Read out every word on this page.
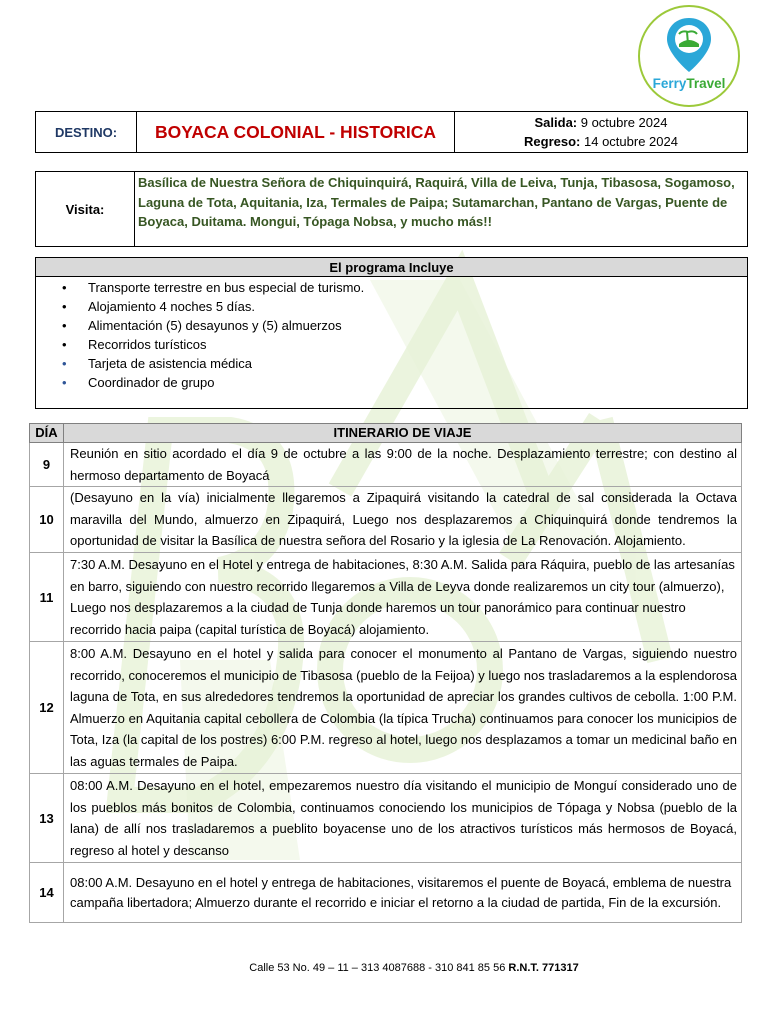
FerryTravel
DESTINO:	BOYACA COLONIAL - HISTORICA	Salida: 9 octubre 2024
Regreso: 14 octubre 2024
Visita:
Basílica de Nuestra Señora de Chiquinquirá, Raquirá, Villa de Leiva, Tunja, Tibasosa, Sogamoso, Laguna de Tota, Aquitania, Iza, Termales de Paipa; Sutamarchan, Pantano de Vargas, Puente de Boyaca, Duitama. Mongui, Tópaga Nobsa, y mucho más!!
El programa Incluye
• Transporte terrestre en bus especial de turismo.
• Alojamiento 4 noches 5 días.
• Alimentación (5) desayunos y (5) almuerzos
• Recorridos turísticos
• Tarjeta de asistencia médica
• Coordinador de grupo
DÍA	ITINERARIO DE VIAJE
9	Reunión en sitio acordado el día 9 de octubre a las 9:00 de la noche. Desplazamiento terrestre; con destino al hermoso departamento de Boyacá
10	(Desayuno en la vía) inicialmente llegaremos a Zipaquirá visitando la catedral de sal considerada la Octava maravilla del Mundo, almuerzo en Zipaquirá, Luego nos desplazaremos a Chiquinquirá donde tendremos la oportunidad de visitar la Basílica de nuestra señora del Rosario y la iglesia de La Renovación. Alojamiento.
11	7:30 A.M. Desayuno en el Hotel y entrega de habitaciones, 8:30 A.M. Salida para Ráquira, pueblo de las artesanías en barro, siguiendo con nuestro recorrido llegaremos a Villa de Leyva donde realizaremos un city tour (almuerzo), Luego nos desplazaremos a la ciudad de Tunja donde haremos un tour panorámico para continuar nuestro recorrido hacia paipa (capital turística de Boyacá) alojamiento.
12	8:00 A.M. Desayuno en el hotel y salida para conocer el monumento al Pantano de Vargas, siguiendo nuestro recorrido, conoceremos el municipio de Tibasosa (pueblo de la Feijoa) y luego nos trasladaremos a la esplendorosa laguna de Tota, en sus alrededores tendremos la oportunidad de apreciar los grandes cultivos de cebolla. 1:00 P.M. Almuerzo en Aquitania capital cebollera de Colombia (la típica Trucha) continuamos para conocer los municipios de Tota, Iza (la capital de los postres) 6:00 P.M. regreso al hotel, luego nos desplazamos a tomar un medicinal baño en las aguas termales de Paipa.
13	08:00 A.M. Desayuno en el hotel, empezaremos nuestro día visitando el municipio de Monguí considerado uno de los pueblos más bonitos de Colombia, continuamos conociendo los municipios de Tópaga y Nobsa (pueblo de la lana) de allí nos trasladaremos a pueblito boyacense uno de los atractivos turísticos más hermosos de Boyacá, regreso al hotel y descanso
14	08:00 A.M. Desayuno en el hotel y entrega de habitaciones, visitaremos el puente de Boyacá, emblema de nuestra campaña libertadora; Almuerzo durante el recorrido e iniciar el retorno a la ciudad de partida, Fin de la excursión.
Calle 53 No. 49 – 11 – 313 4087688 - 310 841 85 56 R.N.T. 771317
